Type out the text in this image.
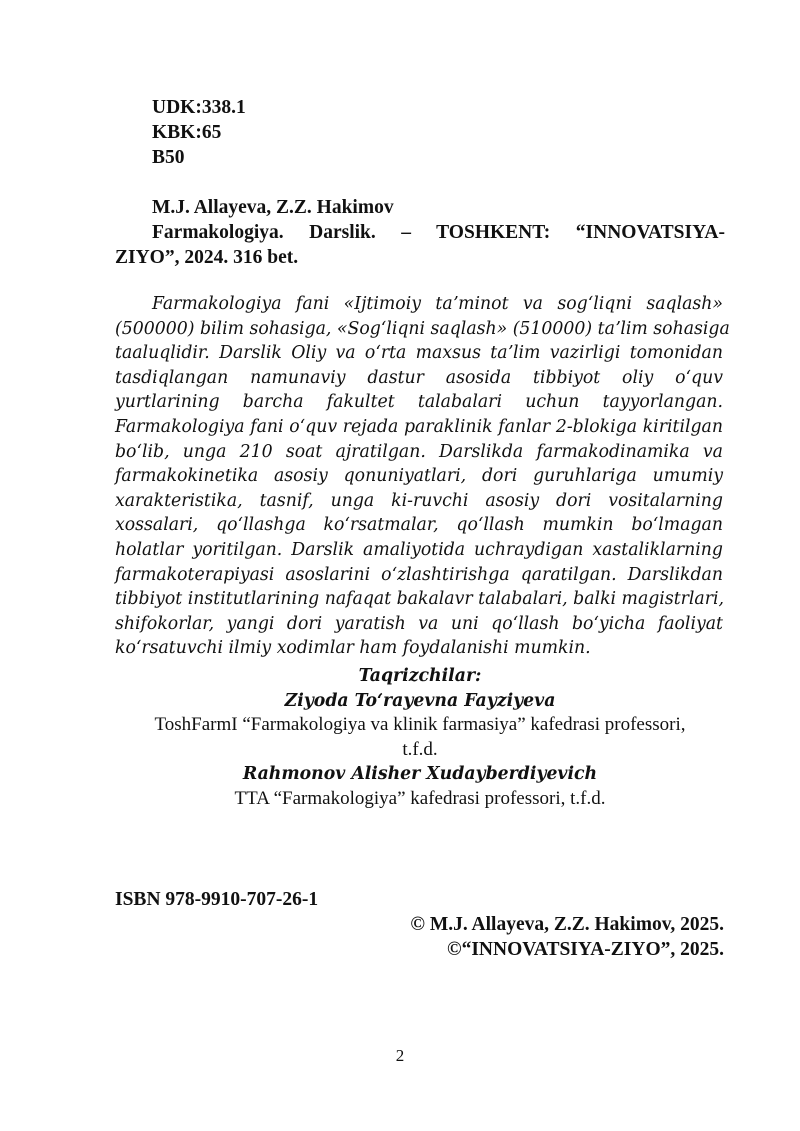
UDK:338.1
KBK:65
B50
M.J. Allayeva, Z.Z. Hakimov
Farmakologiya. Darslik. – TOSHKENT: “INNOVATSIYA-
ZIYO”, 2024. 316 bet.
Farmakologiya fani «Ijtimoiy taʼminot va sogʻliqni saqlash»
(500000) bilim sohasiga, «Sogʻliqni saqlash» (510000) taʼlim sohasiga
taaluqlidir. Darslik Oliy va oʻrta maxsus taʼlim vazirligi tomonidan
tasdiqlangan namunaviy dastur asosida tibbiyot oliy oʻquv
yurtlarining barcha fakultet talabalari uchun tayyorlangan.
Farmakologiya fani oʻquv rejada paraklinik fanlar 2-blokiga kiritilgan
boʻlib, unga 210 soat ajratilgan. Darslikda farmakodinamika va
farmakokinetika asosiy qonuniyatlari, dori guruhlariga umumiy
xarakteristika, tasnif, unga ki-ruvchi asosiy dori vositalarning
xossalari, qoʻllashga koʻrsatmalar, qoʻllash mumkin boʻlmagan
holatlar yoritilgan. Darslik amaliyotida uchraydigan xastaliklarning
farmakoterapiyasi asoslarini oʻzlashtirishga qaratilgan. Darslikdan
tibbiyot institutlarining nafaqat bakalavr talabalari, balki magistrlari,
shifokorlar, yangi dori yaratish va uni qoʻllash boʻyicha faoliyat
koʻrsatuvchi ilmiy xodimlar ham foydalanishi mumkin.
Taqrizchilar:
Ziyoda Toʻrayevna Fayziyeva
ToshFarmI “Farmakologiya va klinik farmasiya” kafedrasi professori,
t.f.d.
Rahmonov Alisher Xudayberdiyevich
TTA “Farmakologiya” kafedrasi professori, t.f.d.
ISBN 978-9910-707-26-1
© M.J. Allayeva, Z.Z. Hakimov, 2025.
©“INNOVATSIYA-ZIYO”, 2025.
2
